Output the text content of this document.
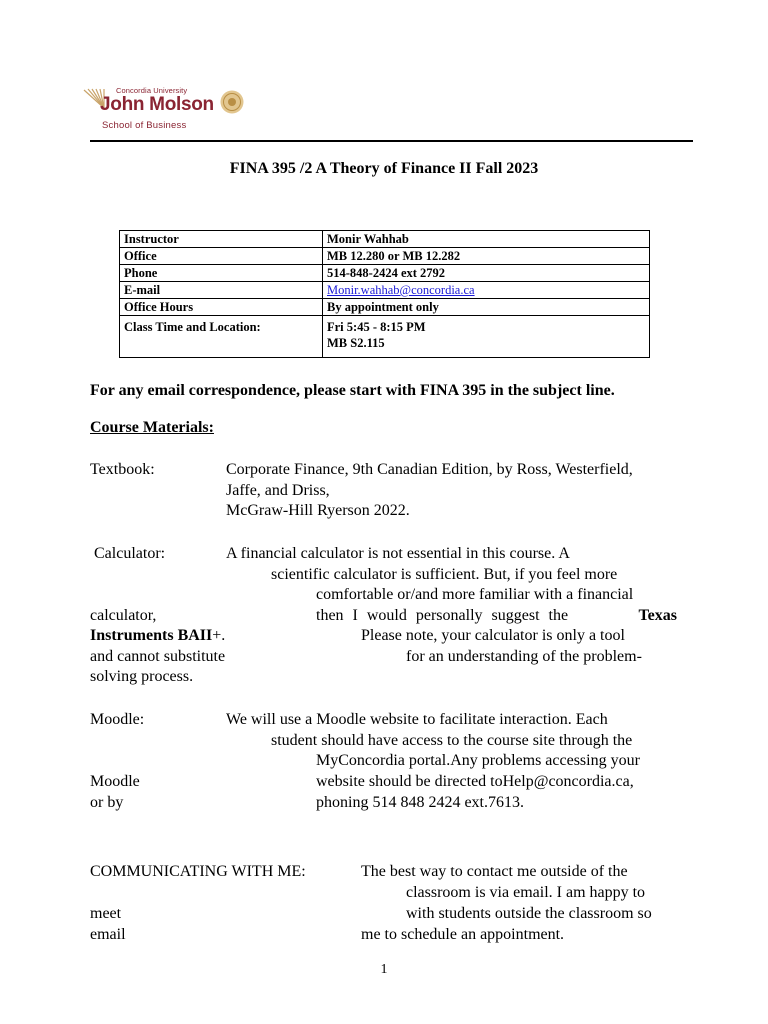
Concordia University
John Molson
School of Business
FINA 395 /2 A Theory of Finance II Fall 2023
Instructor	Monir Wahhab
Office	MB 12.280 or MB 12.282
Phone	514-848-2424 ext 2792
E-mail	Monir.wahhab@concordia.ca
Office Hours	By appointment only
Class Time and Location:	Fri 5:45 - 8:15 PM
MB S2.115
For any email correspondence, please start with FINA 395 in the subject line.
Course Materials:
Textbook:	Corporate Finance, 9th Canadian Edition, by Ross, Westerfield,
Jaffe, and Driss,
McGraw-Hill Ryerson 2022.
Calculator:	A financial calculator is not essential in this course. A
scientific calculator is sufficient. But, if you feel more
comfortable or/and more familiar with a financial
calculator,	then I would personally suggest the	Texas
Instruments BAII+.	Please note, your calculator is only a tool
and cannot substitute	for an understanding of the problem-
solving process.
Moodle:	We will use a Moodle website to facilitate interaction. Each
student should have access to the course site through the
MyConcordia portal.Any problems accessing your
Moodle	website should be directed toHelp@concordia.ca,
or by	phoning 514 848 2424 ext.7613.
COMMUNICATING WITH ME:	The best way to contact me outside of the
classroom is via email. I am happy to
meet	with students outside the classroom so
email	me to schedule an appointment.
1
